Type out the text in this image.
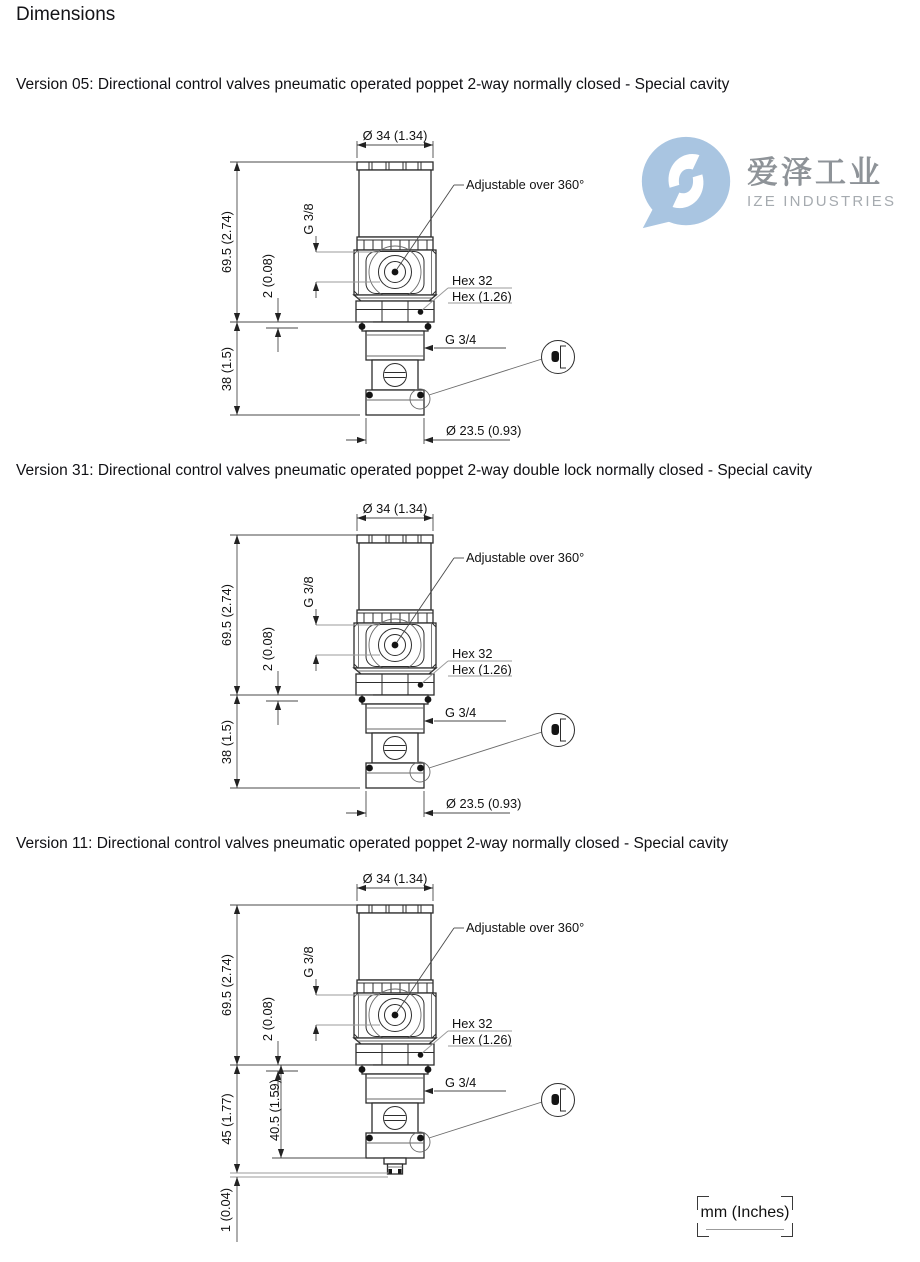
Dimensions
Version 05: Directional control valves pneumatic operated poppet 2-way normally closed - Special cavity
Version 31: Directional control valves pneumatic operated poppet 2-way double lock normally closed - Special cavity
Version 11: Directional control valves pneumatic operated poppet 2-way normally closed - Special cavity
Ø 34 (1.34)
69.5 (2.74)
2 (0.08)
G 3/8
Adjustable over 360°
Hex 32
Hex (1.26)
G 3/4
38 (1.5)
Ø 23.5 (0.93)
Ø 34 (1.34)
69.5 (2.74)
2 (0.08)
G 3/8
Adjustable over 360°
Hex 32
Hex (1.26)
G 3/4
38 (1.5)
Ø 23.5 (0.93)
Ø 34 (1.34)
69.5 (2.74)
2 (0.08)
G 3/8
Adjustable over 360°
Hex 32
Hex (1.26)
G 3/4
45 (1.77)	40.5 (1.59)
1 (0.04)
爱泽工业
IZE INDUSTRIES
mm (Inches)
